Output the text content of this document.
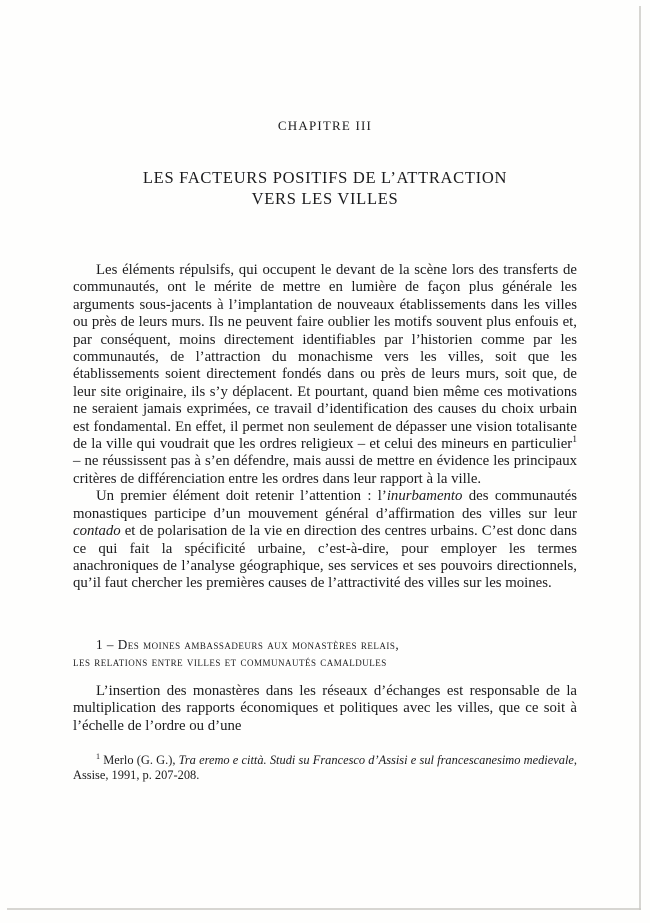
CHAPITRE III
LES FACTEURS POSITIFS DE L’ATTRACTION
VERS LES VILLES

Les éléments répulsifs, qui occupent le devant de la scène lors des transferts de communautés, ont le mérite de mettre en lumière de façon plus générale les arguments sous-jacents à l’implantation de nouveaux établissements dans les villes ou près de leurs murs. Ils ne peuvent faire oublier les motifs souvent plus enfouis et, par conséquent, moins directement identifiables par l’historien comme par les communautés, de l’attraction du monachisme vers les villes, soit que les établissements soient directement fondés dans ou près de leurs murs, soit que, de leur site originaire, ils s’y déplacent. Et pourtant, quand bien même ces motivations ne seraient jamais exprimées, ce travail d’identification des causes du choix urbain est fondamental. En effet, il permet non seulement de dépasser une vision totalisante de la ville qui voudrait que les ordres religieux – et celui des mineurs en particulier$^1$ – ne réussissent pas à s’en défendre, mais aussi de mettre en évidence les principaux critères de différenciation entre les ordres dans leur rapport à la ville.

Un premier élément doit retenir l’attention : l’inurbamento des communautés monastiques participe d’un mouvement général d’affirmation des villes sur leur contado et de polarisation de la vie en direction des centres urbains. C’est donc dans ce qui fait la spécificité urbaine, c’est-à-dire, pour employer les termes anachroniques de l’analyse géographique, ses services et ses pouvoirs directionnels, qu’il faut chercher les premières causes de l’attractivité des villes sur les moines.

1 – Des moines ambassadeurs aux monastères relais,
les relations entre villes et communautés camaldules

L’insertion des monastères dans les réseaux d’échanges est responsable de la multiplication des rapports économiques et politiques avec les villes, que ce soit à l’échelle de l’ordre ou d’une

$^1$ Merlo (G. G.), Tra eremo e città. Studi su Francesco d’Assisi e sul francescanesimo medievale, Assise, 1991, p. 207-208.
